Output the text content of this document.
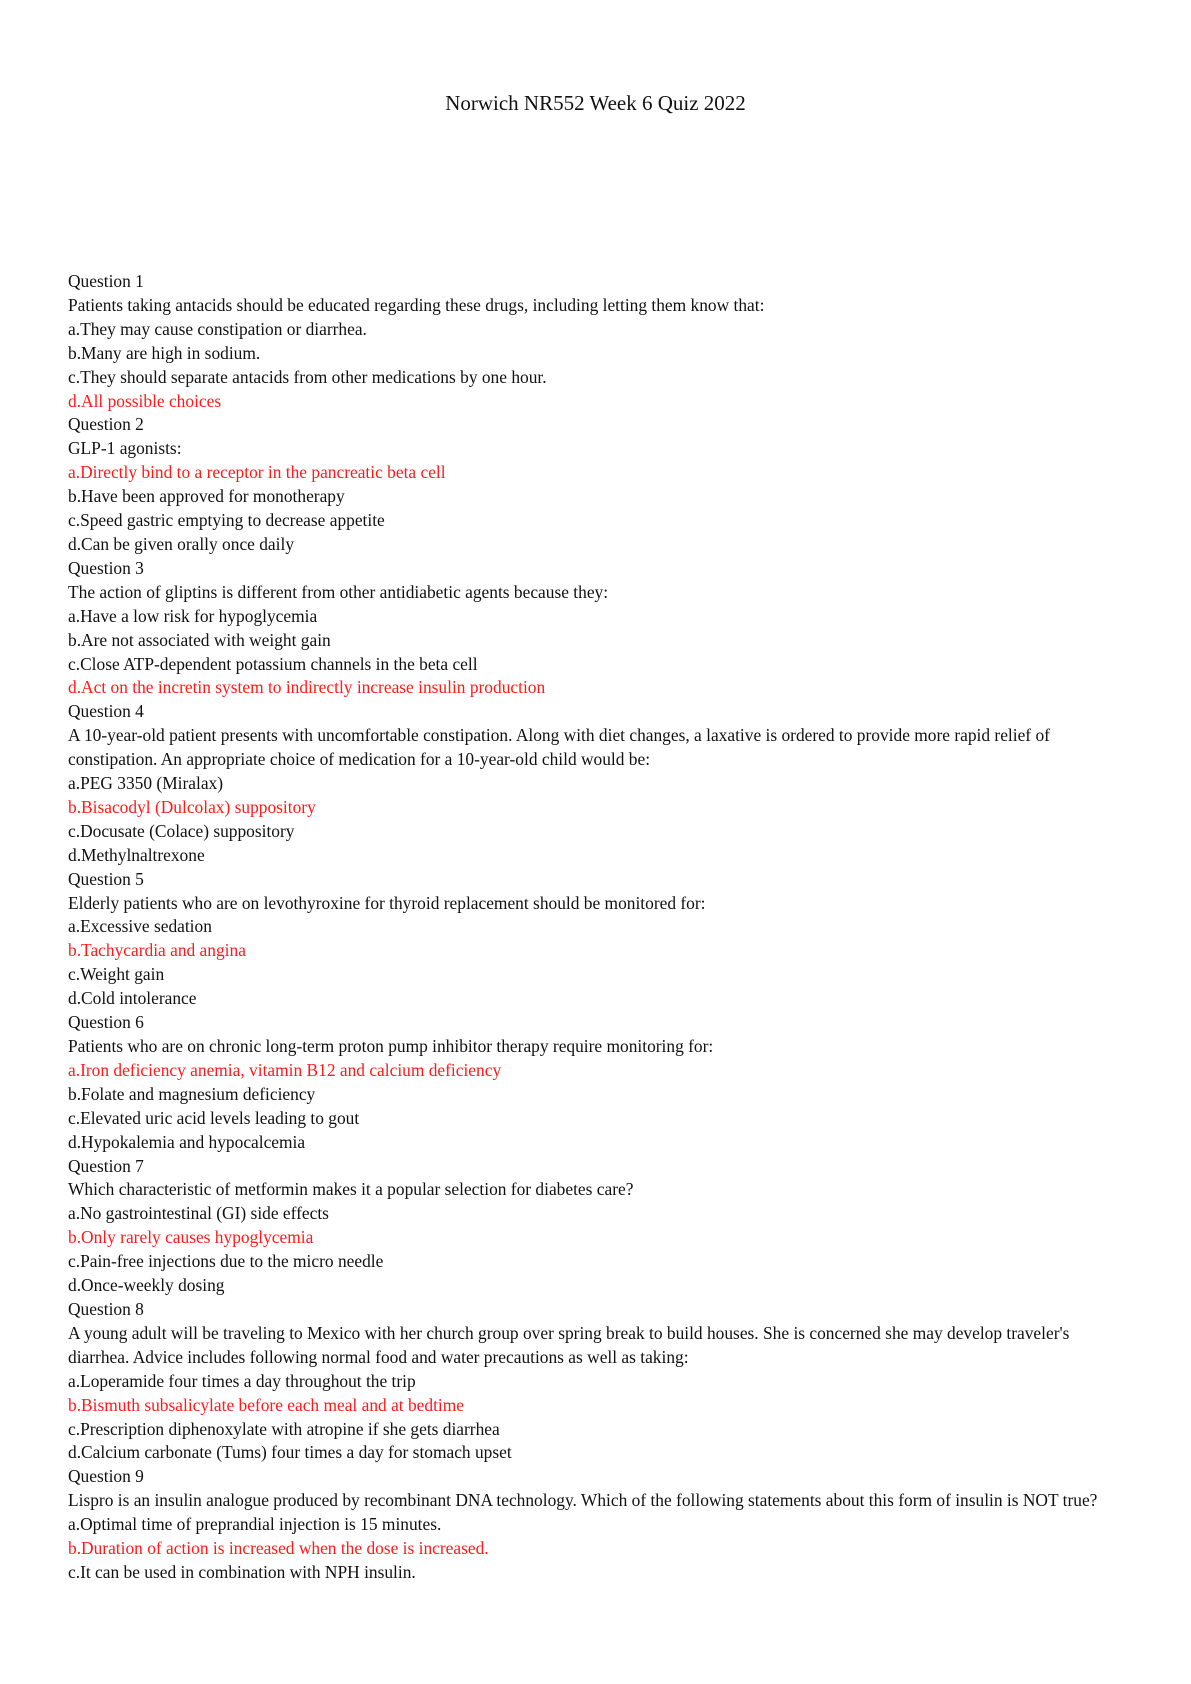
Norwich NR552 Week 6 Quiz 2022
Question 1
Patients taking antacids should be educated regarding these drugs, including letting them know that:
a.They may cause constipation or diarrhea.
b.Many are high in sodium.
c.They should separate antacids from other medications by one hour.
d.All possible choices
Question 2
GLP-1 agonists:
a.Directly bind to a receptor in the pancreatic beta cell
b.Have been approved for monotherapy
c.Speed gastric emptying to decrease appetite
d.Can be given orally once daily
Question 3
The action of gliptins is different from other antidiabetic agents because they:
a.Have a low risk for hypoglycemia
b.Are not associated with weight gain
c.Close ATP-dependent potassium channels in the beta cell
d.Act on the incretin system to indirectly increase insulin production
Question 4
A 10-year-old patient presents with uncomfortable constipation. Along with diet changes, a laxative is ordered to provide more rapid relief of constipation. An appropriate choice of medication for a 10-year-old child would be:
a.PEG 3350 (Miralax)
b.Bisacodyl (Dulcolax) suppository
c.Docusate (Colace) suppository
d.Methylnaltrexone
Question 5
Elderly patients who are on levothyroxine for thyroid replacement should be monitored for:
a.Excessive sedation
b.Tachycardia and angina
c.Weight gain
d.Cold intolerance
Question 6
Patients who are on chronic long-term proton pump inhibitor therapy require monitoring for:
a.Iron deficiency anemia, vitamin B12 and calcium deficiency
b.Folate and magnesium deficiency
c.Elevated uric acid levels leading to gout
d.Hypokalemia and hypocalcemia
Question 7
Which characteristic of metformin makes it a popular selection for diabetes care?
a.No gastrointestinal (GI) side effects
b.Only rarely causes hypoglycemia
c.Pain-free injections due to the micro needle
d.Once-weekly dosing
Question 8
A young adult will be traveling to Mexico with her church group over spring break to build houses. She is concerned she may develop traveler's diarrhea. Advice includes following normal food and water precautions as well as taking:
a.Loperamide four times a day throughout the trip
b.Bismuth subsalicylate before each meal and at bedtime
c.Prescription diphenoxylate with atropine if she gets diarrhea
d.Calcium carbonate (Tums) four times a day for stomach upset
Question 9
Lispro is an insulin analogue produced by recombinant DNA technology. Which of the following statements about this form of insulin is NOT true?
a.Optimal time of preprandial injection is 15 minutes.
b.Duration of action is increased when the dose is increased.
c.It can be used in combination with NPH insulin.
